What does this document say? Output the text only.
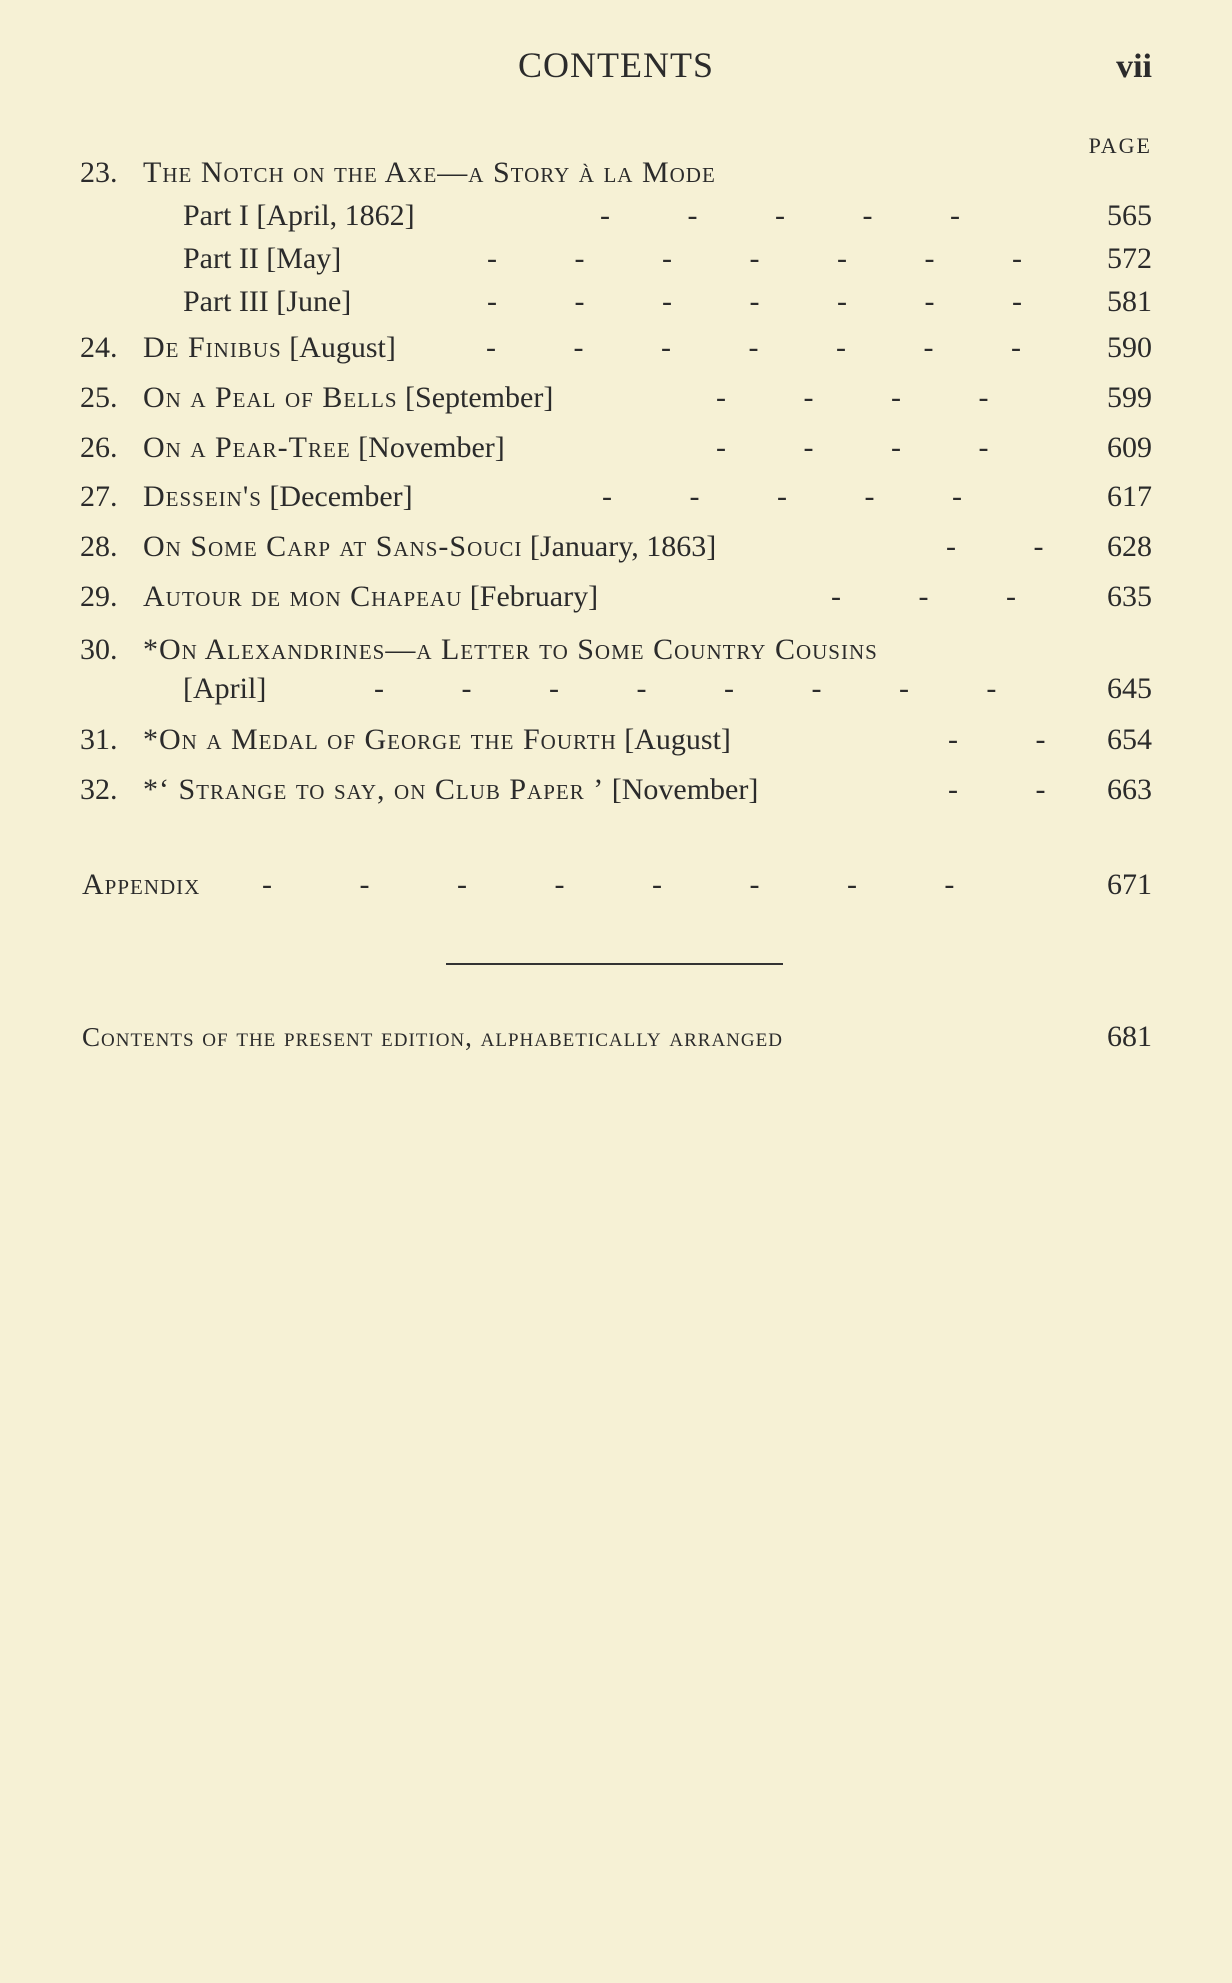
CONTENTS	vii
PAGE
23. The Notch on the Axe—a Story à la Mode
Part I [April, 1862]	- - - - -	565
Part II [May]	- - - - - - -	572
Part III [June]	- - - - - - -	581
24. De Finibus [August]	- - - - - - -	590
25. On a Peal of Bells [September]	- - - -	599
26. On a Pear-Tree [November]	- - - -	609
27. Dessein's [December]	- - - - -	617
28. On Some Carp at Sans-Souci [January, 1863]	- - 628
29. Autour de mon Chapeau [February]	- - -	635
30. *On Alexandrines—a Letter to Some Country Cousins
[April]	- - - - - - - -	645
31. *On a Medal of George the Fourth [August]	- - 654
32. *‘ Strange to say, on Club Paper ’ [November]	- - 663
Appendix - - - - - - - -	671
Contents of the present edition, alphabetically arranged	681
